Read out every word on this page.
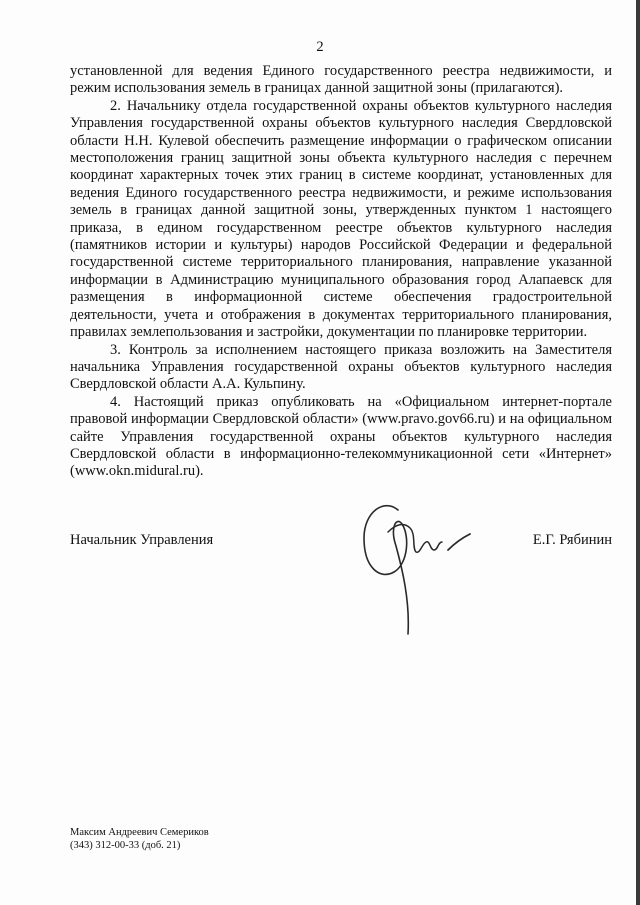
2

установленной для ведения Единого государственного реестра недвижимости, и режим использования земель в границах данной защитной зоны (прилагаются).

2. Начальнику отдела государственной охраны объектов культурного наследия Управления государственной охраны объектов культурного наследия Свердловской области Н.Н. Кулевой обеспечить размещение информации о графическом описании местоположения границ защитной зоны объекта культурного наследия с перечнем координат характерных точек этих границ в системе координат, установленных для ведения Единого государственного реестра недвижимости, и режиме использования земель в границах данной защитной зоны, утвержденных пунктом 1 настоящего приказа, в едином государственном реестре объектов культурного наследия (памятников истории и культуры) народов Российской Федерации и федеральной государственной системе территориального планирования, направление указанной информации в Администрацию муниципального образования город Алапаевск для размещения в информационной системе обеспечения градостроительной деятельности, учета и отображения в документах территориального планирования, правилах землепользования и застройки, документации по планировке территории.

3. Контроль за исполнением настоящего приказа возложить на Заместителя начальника Управления государственной охраны объектов культурного наследия Свердловской области А.А. Кульпину.

4. Настоящий приказ опубликовать на «Официальном интернет-портале правовой информации Свердловской области» (www.pravo.gov66.ru) и на официальном сайте Управления государственной охраны объектов культурного наследия Свердловской области в информационно-телекоммуникационной сети «Интернет» (www.okn.midural.ru).

Начальник Управления	Е.Г. Рябинин
Максим Андреевич Семериков
(343) 312-00-33 (доб. 21)
